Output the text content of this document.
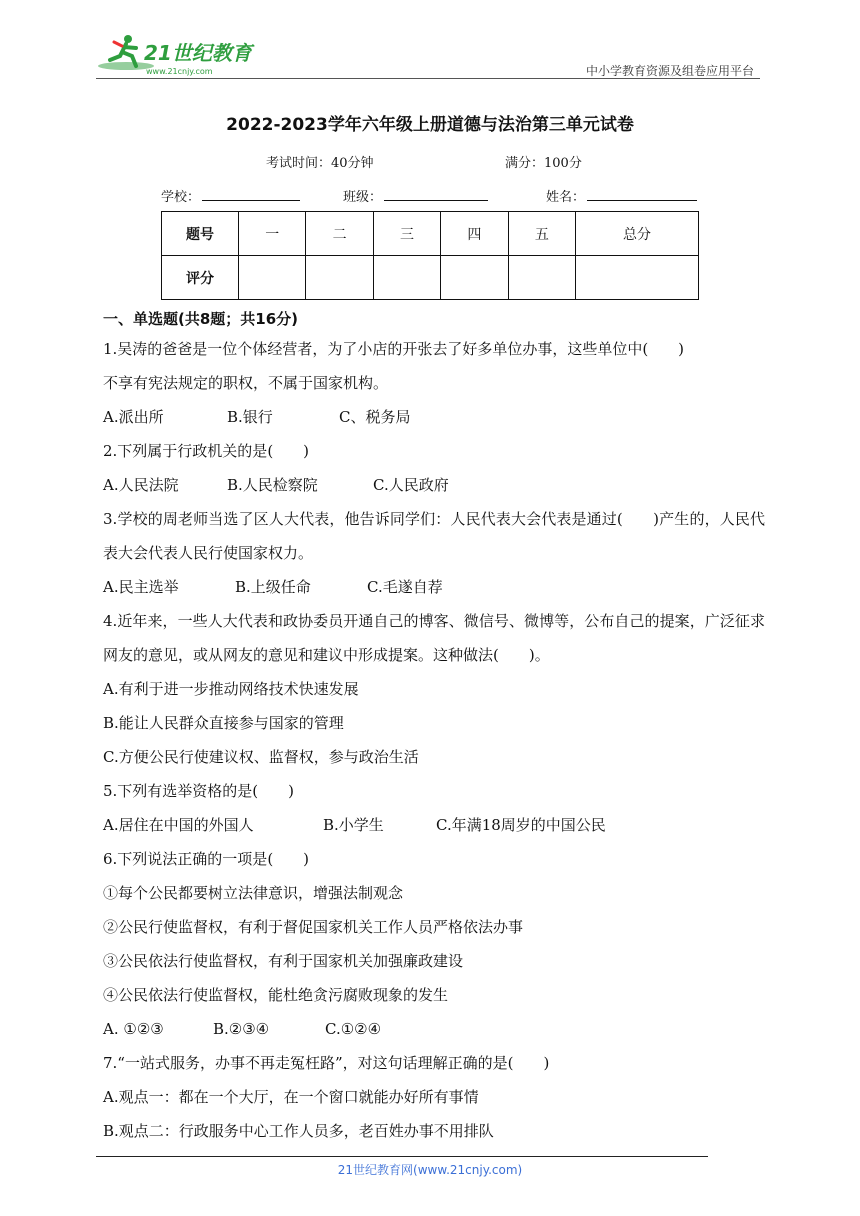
21世纪教育
www.21cnjy.com	中小学教育资源及组卷应用平台
2022-2023学年六年级上册道德与法治第三单元试卷
考试时间：40分钟	满分：100分
学校：	班级：	姓名：
题号	一	二	三	四	五	总分
评分						
一、单选题(共8题；共16分)
1.吴涛的爸爸是一位个体经营者，为了小店的开张去了好多单位办事，这些单位中(　　)
不享有宪法规定的职权，不属于国家机构。
A.派出所	B.银行	C、税务局
2.下列属于行政机关的是(　　)
A.人民法院	B.人民检察院	C.人民政府
3.学校的周老师当选了区人大代表，他告诉同学们：人民代表大会代表是通过(　　)产生的，人民代表大会代表人民行使国家权力。
A.民主选举	B.上级任命	C.毛遂自荐
4.近年来，一些人大代表和政协委员开通自己的博客、微信号、微博等，公布自己的提案，广泛征求网友的意见，或从网友的意见和建议中形成提案。这种做法(　　)。
A.有利于进一步推动网络技术快速发展
B.能让人民群众直接参与国家的管理
C.方便公民行使建议权、监督权，参与政治生活
5.下列有选举资格的是(　　)
A.居住在中国的外国人	B.小学生	C.年满18周岁的中国公民
6.下列说法正确的一项是(　　)
①每个公民都要树立法律意识，增强法制观念
②公民行使监督权，有利于督促国家机关工作人员严格依法办事
③公民依法行使监督权，有利于国家机关加强廉政建设
④公民依法行使监督权，能杜绝贪污腐败现象的发生
A. ①②③	B.②③④	C.①②④
7.“一站式服务，办事不再走冤枉路”，对这句话理解正确的是(　　)
A.观点一：都在一个大厅，在一个窗口就能办好所有事情
B.观点二：行政服务中心工作人员多，老百姓办事不用排队
21世纪教育网(www.21cnjy.com)
